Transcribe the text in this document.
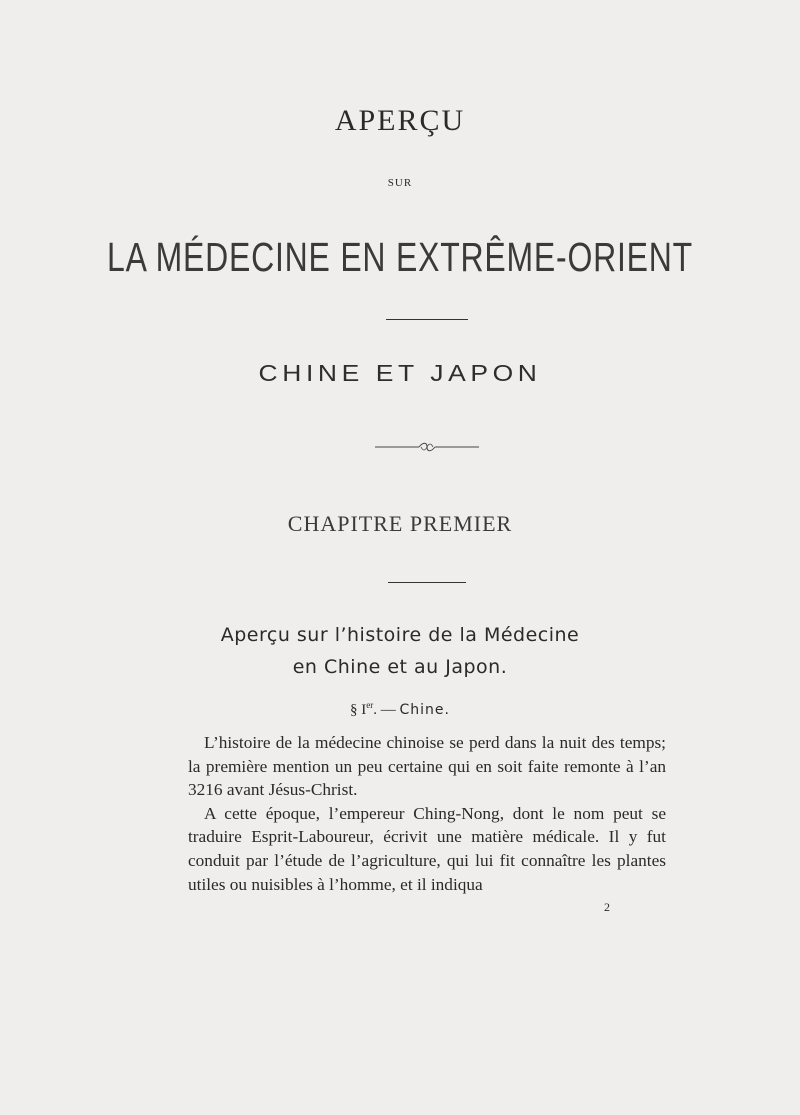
APERÇU
SUR
LA MÉDECINE EN EXTRÊME-ORIENT
CHINE ET JAPON
CHAPITRE PREMIER
Aperçu sur l’histoire de la Médecine
en Chine et au Japon.
§ Ier. — Chine.

L’histoire de la médecine chinoise se perd dans la nuit des temps; la première mention un peu certaine qui en soit faite remonte à l’an 3216 avant Jésus-Christ.

A cette époque, l’empereur Ching-Nong, dont le nom peut se traduire Esprit-Laboureur, écrivit une matière médicale. Il y fut conduit par l’étude de l’agriculture, qui lui fit connaître les plantes utiles ou nuisibles à l’homme, et il indiqua

2
